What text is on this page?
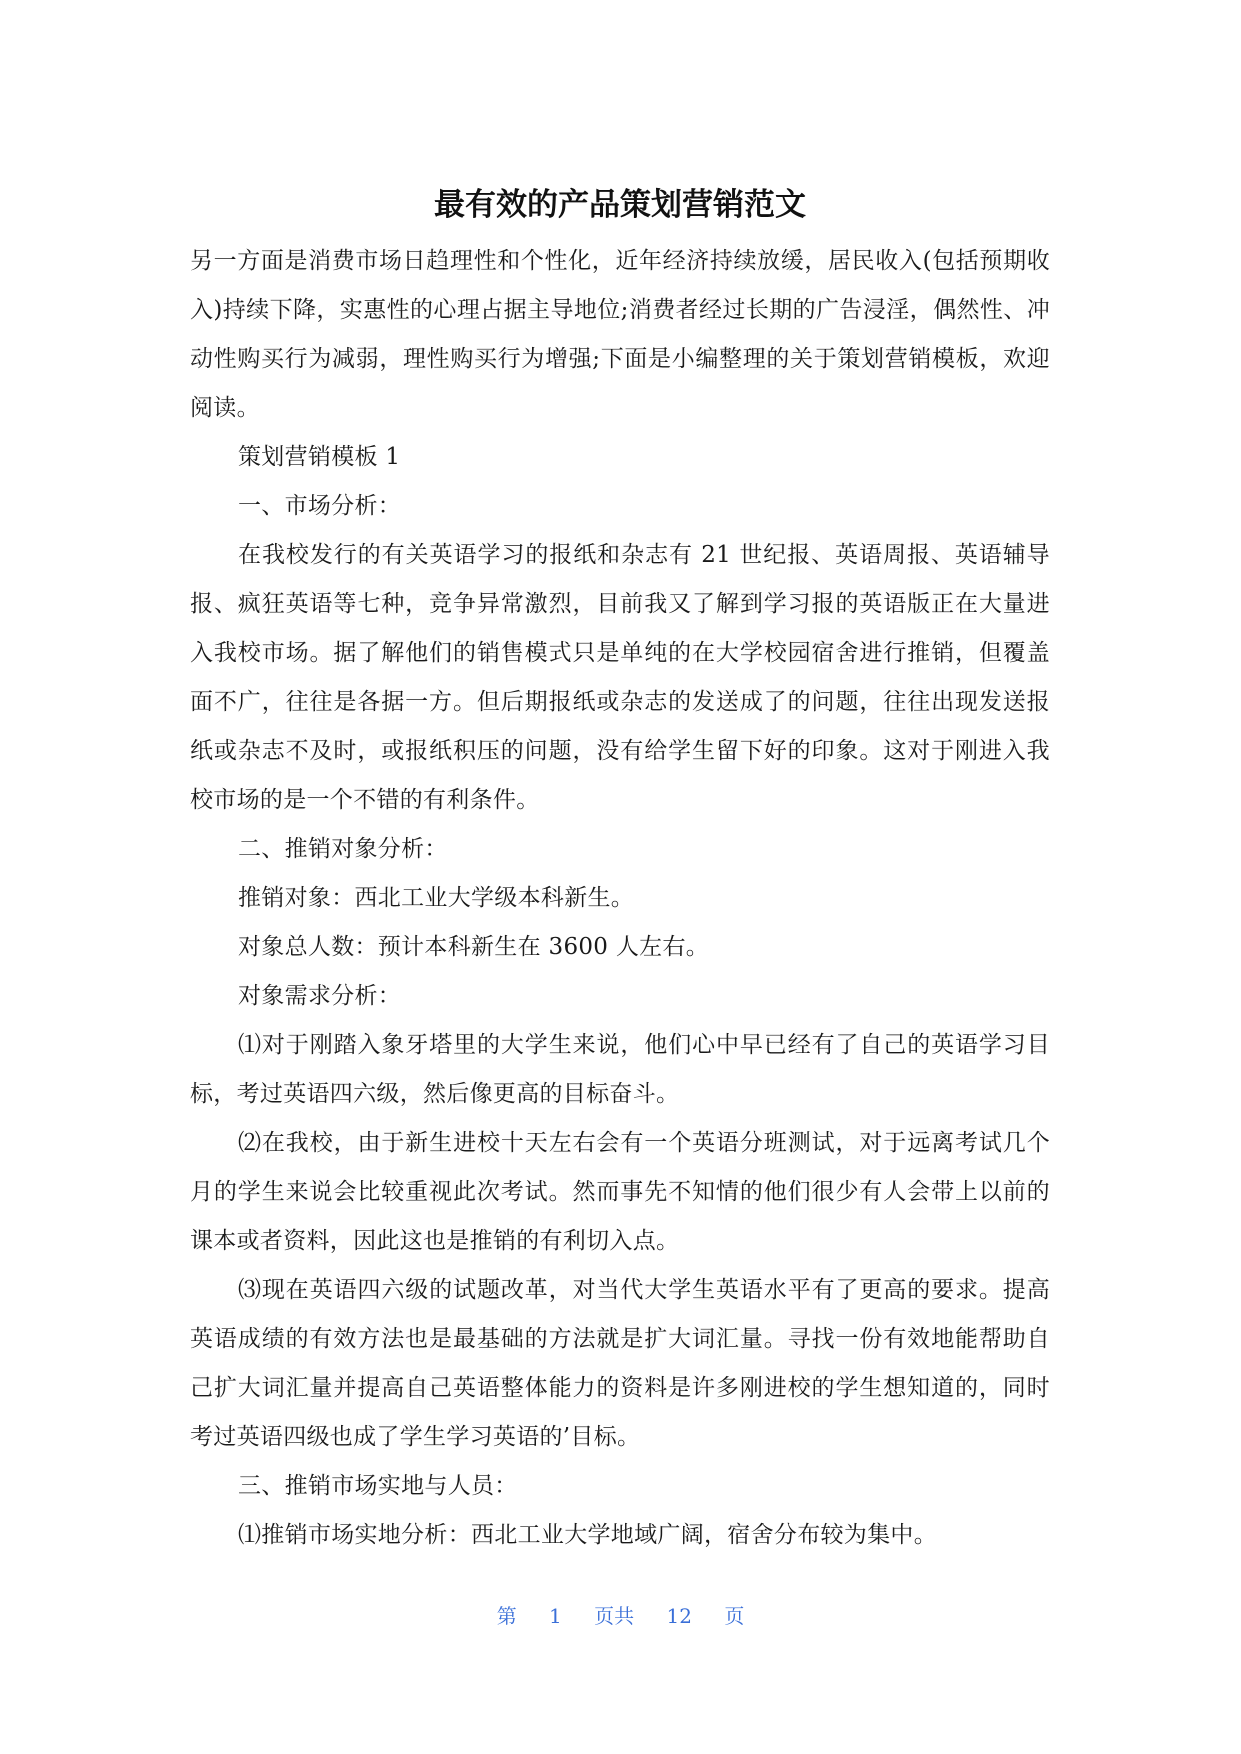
最有效的产品策划营销范文

另一方面是消费市场日趋理性和个性化，近年经济持续放缓，居民收入(包括预期收入)持续下降，实惠性的心理占据主导地位;消费者经过长期的广告浸淫，偶然性、冲动性购买行为减弱，理性购买行为增强;下面是小编整理的关于策划营销模板，欢迎阅读。

策划营销模板 1

一、市场分析：

在我校发行的有关英语学习的报纸和杂志有 21 世纪报、英语周报、英语辅导报、疯狂英语等七种，竞争异常激烈，目前我又了解到学习报的英语版正在大量进入我校市场。据了解他们的销售模式只是单纯的在大学校园宿舍进行推销，但覆盖面不广，往往是各据一方。但后期报纸或杂志的发送成了的问题，往往出现发送报纸或杂志不及时，或报纸积压的问题，没有给学生留下好的印象。这对于刚进入我校市场的是一个不错的有利条件。

二、推销对象分析：

推销对象：西北工业大学级本科新生。

对象总人数：预计本科新生在 3600 人左右。

对象需求分析：

⑴对于刚踏入象牙塔里的大学生来说，他们心中早已经有了自己的英语学习目标，考过英语四六级，然后像更高的目标奋斗。

⑵在我校，由于新生进校十天左右会有一个英语分班测试，对于远离考试几个月的学生来说会比较重视此次考试。然而事先不知情的他们很少有人会带上以前的课本或者资料，因此这也是推销的有利切入点。

⑶现在英语四六级的试题改革，对当代大学生英语水平有了更高的要求。提高英语成绩的有效方法也是最基础的方法就是扩大词汇量。寻找一份有效地能帮助自己扩大词汇量并提高自己英语整体能力的资料是许多刚进校的学生想知道的，同时考过英语四级也成了学生学习英语的’目标。

三、推销市场实地与人员：

⑴推销市场实地分析：西北工业大学地域广阔，宿舍分布较为集中。

第 1 页共 12 页
